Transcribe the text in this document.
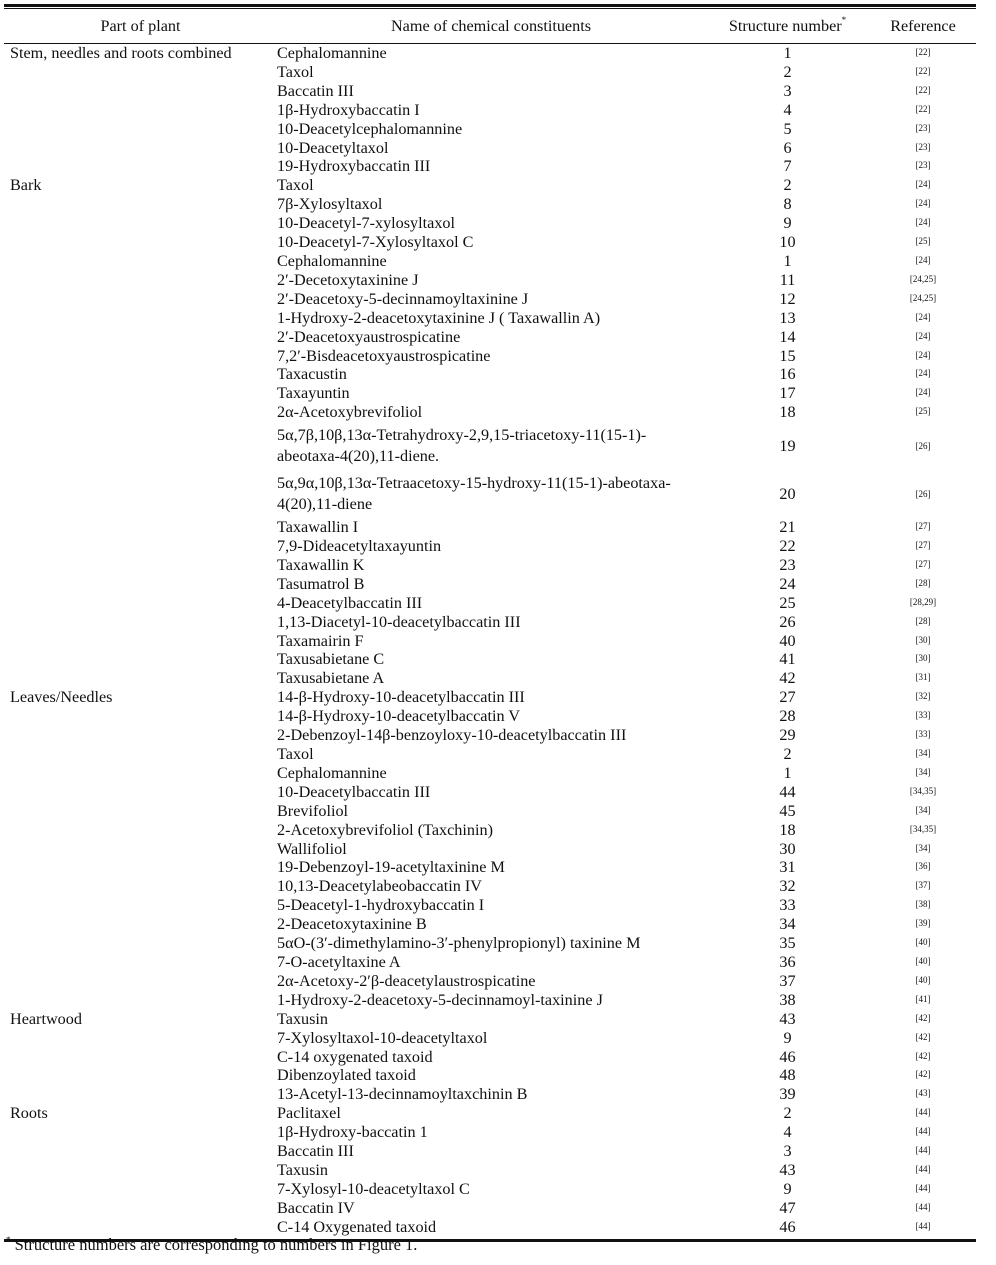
Part of plant	Name of chemical constituents	Structure number*	Reference
Stem, needles and roots combined	Cephalomannine	1	[22]
	Taxol	2	[22]
	Baccatin III	3	[22]
	1β-Hydroxybaccatin I	4	[22]
	10-Deacetylcephalomannine	5	[23]
	10-Deacetyltaxol	6	[23]
	19-Hydroxybaccatin III	7	[23]
Bark	Taxol	2	[24]
	7β-Xylosyltaxol	8	[24]
	10-Deacetyl-7-xylosyltaxol	9	[24]
	10-Deacetyl-7-Xylosyltaxol C	10	[25]
	Cephalomannine	1	[24]
	2′-Decetoxytaxinine J	11	[24,25]
	2′-Deacetoxy-5-decinnamoyltaxinine J	12	[24,25]
	1-Hydroxy-2-deacetoxytaxinine J ( Taxawallin A)	13	[24]
	2′-Deacetoxyaustrospicatine	14	[24]
	7,2′-Bisdeacetoxyaustrospicatine	15	[24]
	Taxacustin	16	[24]
	Taxayuntin	17	[24]
	2α-Acetoxybrevifoliol	18	[25]
	5α,7β,10β,13α-Tetrahydroxy-2,9,15-triacetoxy-11(15-1)-abeotaxa-4(20),11-diene.	19	[26]
	5α,9α,10β,13α-Tetraacetoxy-15-hydroxy-11(15-1)-abeotaxa-4(20),11-diene	20	[26]
	Taxawallin I	21	[27]
	7,9-Dideacetyltaxayuntin	22	[27]
	Taxawallin K	23	[27]
	Tasumatrol B	24	[28]
	4-Deacetylbaccatin III	25	[28,29]
	1,13-Diacetyl-10-deacetylbaccatin III	26	[28]
	Taxamairin F	40	[30]
	Taxusabietane C	41	[30]
	Taxusabietane A	42	[31]
Leaves/Needles	14-β-Hydroxy-10-deacetylbaccatin III	27	[32]
	14-β-Hydroxy-10-deacetylbaccatin V	28	[33]
	2-Debenzoyl-14β-benzoyloxy-10-deacetylbaccatin III	29	[33]
	Taxol	2	[34]
	Cephalomannine	1	[34]
	10-Deacetylbaccatin III	44	[34,35]
	Brevifoliol	45	[34]
	2-Acetoxybrevifoliol (Taxchinin)	18	[34,35]
	Wallifoliol	30	[34]
	19-Debenzoyl-19-acetyltaxinine M	31	[36]
	10,13-Deacetylabeobaccatin IV	32	[37]
	5-Deacetyl-1-hydroxybaccatin I	33	[38]
	2-Deacetoxytaxinine B	34	[39]
	5αO-(3′-dimethylamino-3′-phenylpropionyl) taxinine M	35	[40]
	7-O-acetyltaxine A	36	[40]
	2α-Acetoxy-2′β-deacetylaustrospicatine	37	[40]
	1-Hydroxy-2-deacetoxy-5-decinnamoyl-taxinine J	38	[41]
Heartwood	Taxusin	43	[42]
	7-Xylosyltaxol-10-deacetyltaxol	9	[42]
	C-14 oxygenated taxoid	46	[42]
	Dibenzoylated taxoid	48	[42]
	13-Acetyl-13-decinnamoyltaxchinin B	39	[43]
Roots	Paclitaxel	2	[44]
	1β-Hydroxy-baccatin 1	4	[44]
	Baccatin III	3	[44]
	Taxusin	43	[44]
	7-Xylosyl-10-deacetyltaxol C	9	[44]
	Baccatin IV	47	[44]
	C-14 Oxygenated taxoid	46	[44]
* Structure numbers are corresponding to numbers in Figure 1.
